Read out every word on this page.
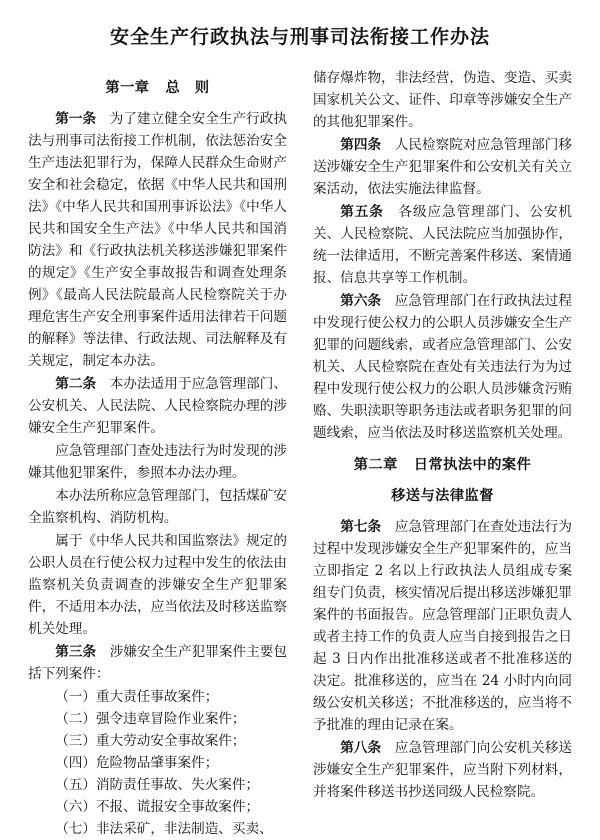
安全生产行政执法与刑事司法衔接工作办法
第一章 总　则

第一条 为了建立健全安全生产行政执法与刑事司法衔接工作机制，依法惩治安全生产违法犯罪行为，保障人民群众生命财产安全和社会稳定，依据《中华人民共和国刑法》《中华人民共和国刑事诉讼法》《中华人民共和国安全生产法》《中华人民共和国消防法》和《行政执法机关移送涉嫌犯罪案件的规定》《生产安全事故报告和调查处理条例》《最高人民法院最高人民检察院关于办理危害生产安全刑事案件适用法律若干问题的解释》等法律、行政法规、司法解释及有关规定，制定本办法。

第二条 本办法适用于应急管理部门、公安机关、人民法院、人民检察院办理的涉嫌安全生产犯罪案件。

应急管理部门查处违法行为时发现的涉嫌其他犯罪案件，参照本办法办理。

本办法所称应急管理部门，包括煤矿安全监察机构、消防机构。

属于《中华人民共和国监察法》规定的公职人员在行使公权力过程中发生的依法由监察机关负责调查的涉嫌安全生产犯罪案件，不适用本办法，应当依法及时移送监察机关处理。

第三条 涉嫌安全生产犯罪案件主要包括下列案件：

（一）重大责任事故案件；

（二）强令违章冒险作业案件；

（三）重大劳动安全事故案件；

（四）危险物品肇事案件；

（五）消防责任事故、失火案件；

（六）不报、谎报安全事故案件；

（七）非法采矿，非法制造、买卖、

储存爆炸物，非法经营，伪造、变造、买卖国家机关公文、证件、印章等涉嫌安全生产的其他犯罪案件。

第四条 人民检察院对应急管理部门移送涉嫌安全生产犯罪案件和公安机关有关立案活动，依法实施法律监督。

第五条 各级应急管理部门、公安机关、人民检察院、人民法院应当加强协作，统一法律适用，不断完善案件移送、案情通报、信息共享等工作机制。

第六条 应急管理部门在行政执法过程中发现行使公权力的公职人员涉嫌安全生产犯罪的问题线索，或者应急管理部门、公安机关、人民检察院在查处有关违法行为为过程中发现行使公权力的公职人员涉嫌贪污贿赂、失职渎职等职务违法或者职务犯罪的问题线索，应当依法及时移送监察机关处理。

第二章 日常执法中的案件
移送与法律监督

第七条 应急管理部门在查处违法行为过程中发现涉嫌安全生产犯罪案件的，应当立即指定 2 名以上行政执法人员组成专案组专门负责，核实情况后提出移送涉嫌犯罪案件的书面报告。应急管理部门正职负责人或者主持工作的负责人应当自接到报告之日起 3 日内作出批准移送或者不批准移送的决定。批准移送的，应当在 24 小时内向同级公安机关移送；不批准移送的，应当将不予批准的理由记录在案。

第八条 应急管理部门向公安机关移送涉嫌安全生产犯罪案件，应当附下列材料，并将案件移送书抄送同级人民检察院。
